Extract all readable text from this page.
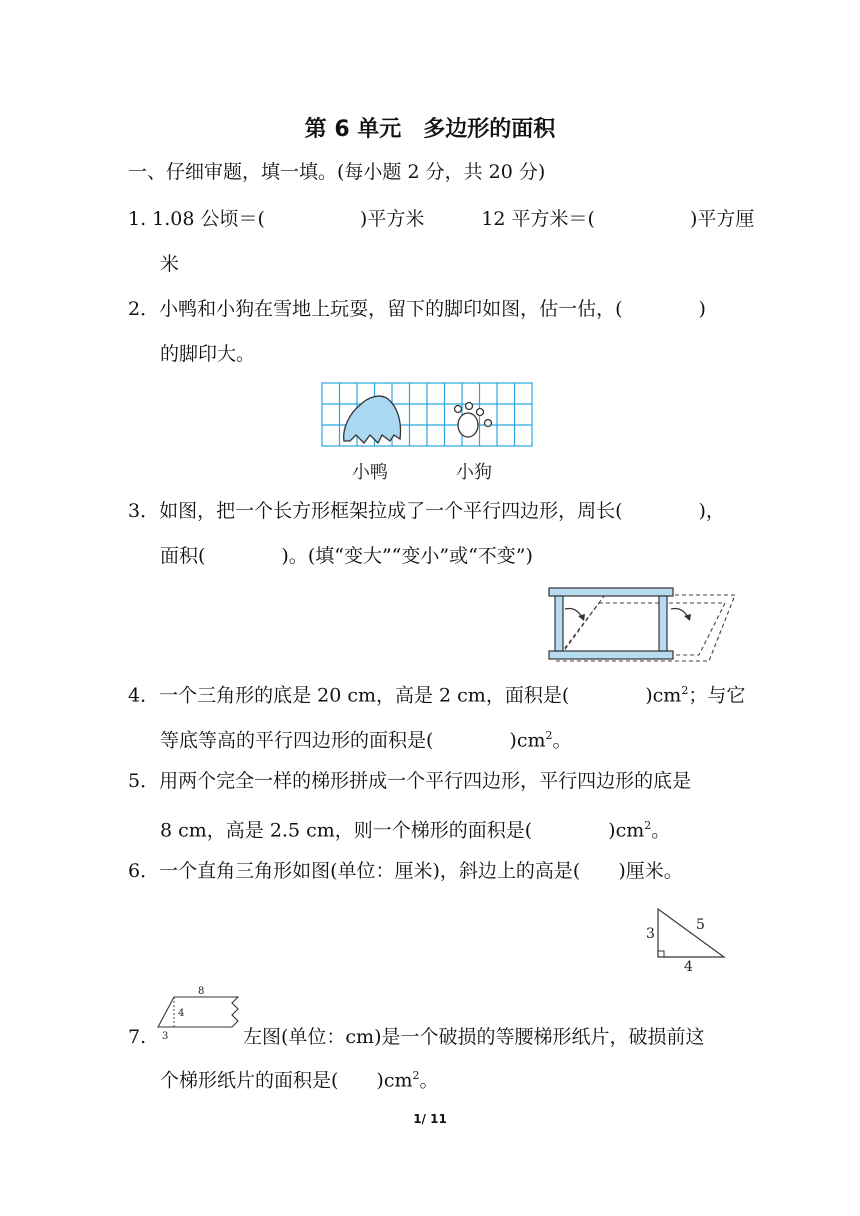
第 6 单元　多边形的面积
一、仔细审题，填一填。(每小题 2 分，共 20 分)
1. 1.08 公顷＝(　　　　　)平方米　　　12 平方米＝(　　　　　)平方厘
米
2．小鸭和小狗在雪地上玩耍，留下的脚印如图，估一估，(　　　　)
的脚印大。
小鸭	小狗
3．如图，把一个长方形框架拉成了一个平行四边形，周长(　　　　)，
面积(　　　　)。(填“变大”“变小”或“不变”)
4．一个三角形的底是 20 cm，高是 2 cm，面积是(　　　　)$cm^2$；与它
等底等高的平行四边形的面积是(　　　　)$cm^2$。
5．用两个完全一样的梯形拼成一个平行四边形，平行四边形的底是
8 cm，高是 2.5 cm，则一个梯形的面积是(　　　　)$cm^2$。
6．一个直角三角形如图(单位：厘米)，斜边上的高是(　　)厘米。
3
5
4
7.
8
4
3	左图(单位：cm)是一个破损的等腰梯形纸片，破损前这
个梯形纸片的面积是(　　)$cm^2$。
1/ 11
